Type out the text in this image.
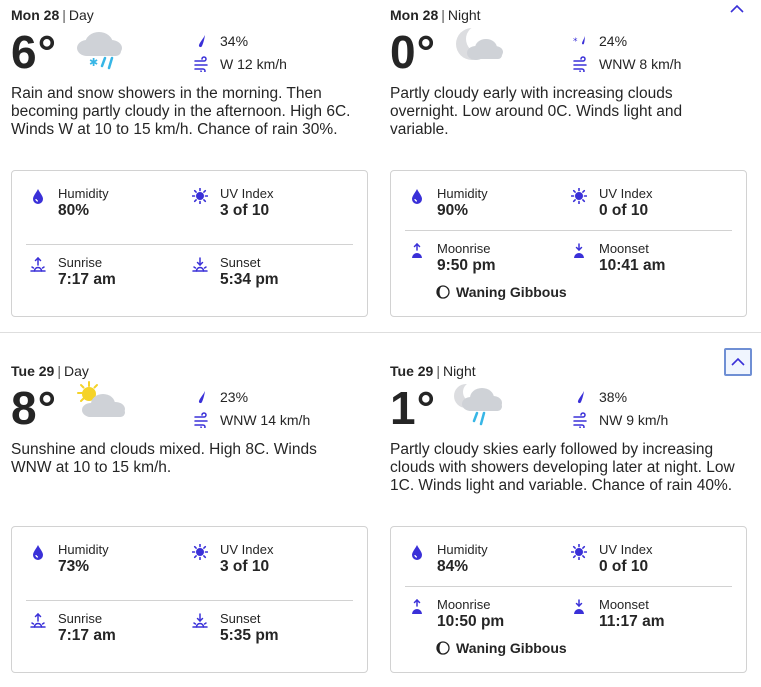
Mon 28 | Day
6°	✱
34%
W 12 km/h
Rain and snow showers in the morning. Then becoming partly cloudy in the afternoon. High 6C. Winds W at 10 to 15 km/h. Chance of rain 30%.
Humidity
80%
UV Index
3 of 10
Sunrise
7:17 am
Sunset
5:34 pm
Mon 28 | Night
0°	* 24%
WNW 8 km/h
Partly cloudy early with increasing clouds overnight. Low around 0C. Winds light and variable.
Humidity
90%
UV Index
0 of 10
Moonrise
9:50 pm
Moonset
10:41 am
Waning Gibbous
Tue 29 | Day
8°	23%
WNW 14 km/h
Sunshine and clouds mixed. High 8C. Winds WNW at 10 to 15 km/h.
Humidity
73%
UV Index
3 of 10
Sunrise
7:17 am
Sunset
5:35 pm
Tue 29 | Night
1°	38%
NW 9 km/h
Partly cloudy skies early followed by increasing clouds with showers developing later at night. Low 1C. Winds light and variable. Chance of rain 40%.
Humidity
84%
UV Index
0 of 10
Moonrise
10:50 pm
Moonset
11:17 am
Waning Gibbous
